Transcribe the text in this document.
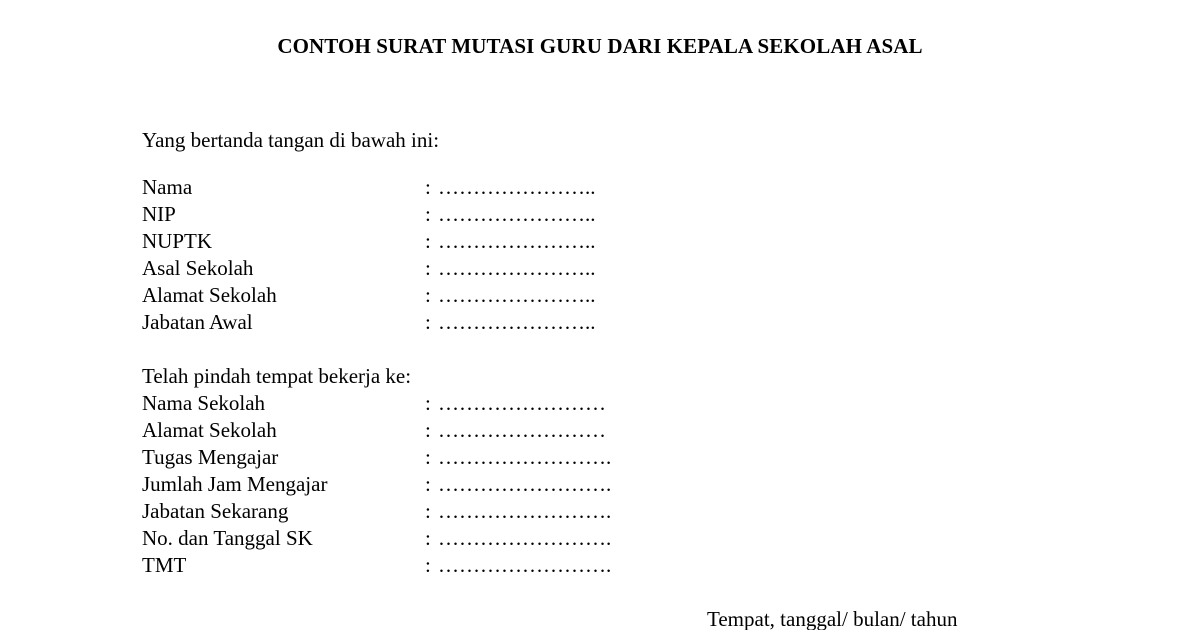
CONTOH SURAT MUTASI GURU DARI KEPALA SEKOLAH ASAL
Yang bertanda tangan di bawah ini:
Nama	: …………………..
NIP	: …………………..
NUPTK	: …………………..
Asal Sekolah	: …………………..
Alamat Sekolah	: …………………..
Jabatan Awal	: …………………..
Telah pindah tempat bekerja ke:
Nama Sekolah	: ……………………
Alamat Sekolah	: ……………………
Tugas Mengajar	: …………………….
Jumlah Jam Mengajar	: …………………….
Jabatan Sekarang	: …………………….
No. dan Tanggal SK	: …………………….
TMT	: …………………….
Tempat, tanggal/ bulan/ tahun
